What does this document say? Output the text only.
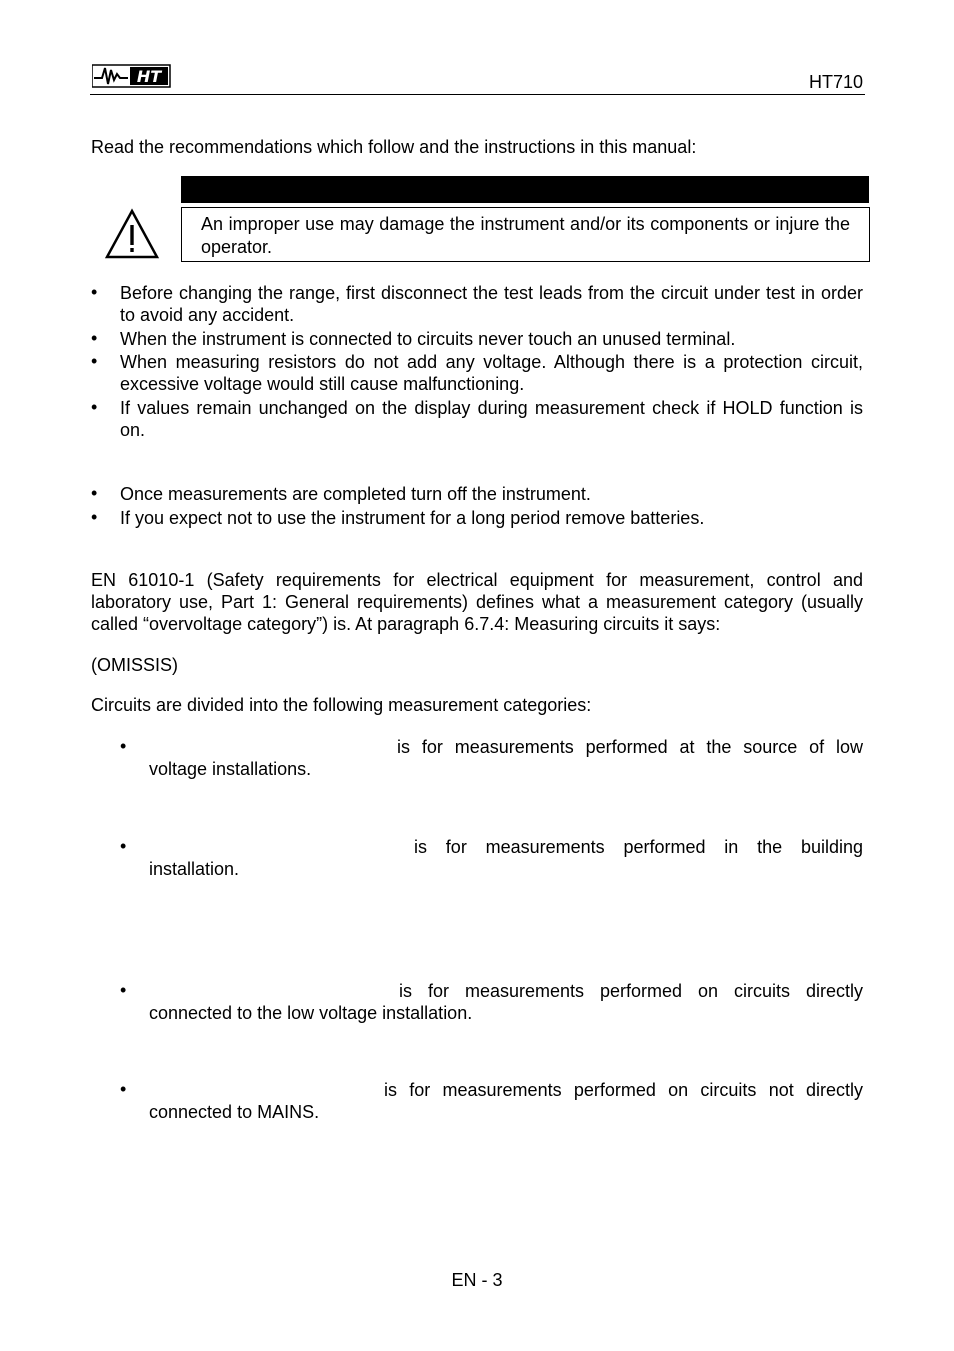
HT	HT710
Read the recommendations which follow and the instructions in this manual:
An improper use may damage the instrument and/or its components or injure the operator.
• Before changing the range, first disconnect the test leads from the circuit under test in order to avoid any accident.
• When the instrument is connected to circuits never touch an unused terminal.
• When measuring resistors do not add any voltage. Although there is a protection circuit, excessive voltage would still cause malfunctioning.
• If values remain unchanged on the display during measurement check if HOLD function is on.
• Once measurements are completed turn off the instrument.
• If you expect not to use the instrument for a long period remove batteries.
EN 61010-1 (Safety requirements for electrical equipment for measurement, control and laboratory use, Part 1: General requirements) defines what a measurement category (usually called “overvoltage category”) is. At paragraph 6.7.4: Measuring circuits it says:
(OMISSIS)
Circuits are divided into the following measurement categories:
•	is for measurements performed at the source of low
voltage installations.
•	is for measurements performed in the building
installation.
•	is for measurements performed on circuits directly
connected to the low voltage installation.
•	is for measurements performed on circuits not directly
connected to MAINS.
EN - 3
